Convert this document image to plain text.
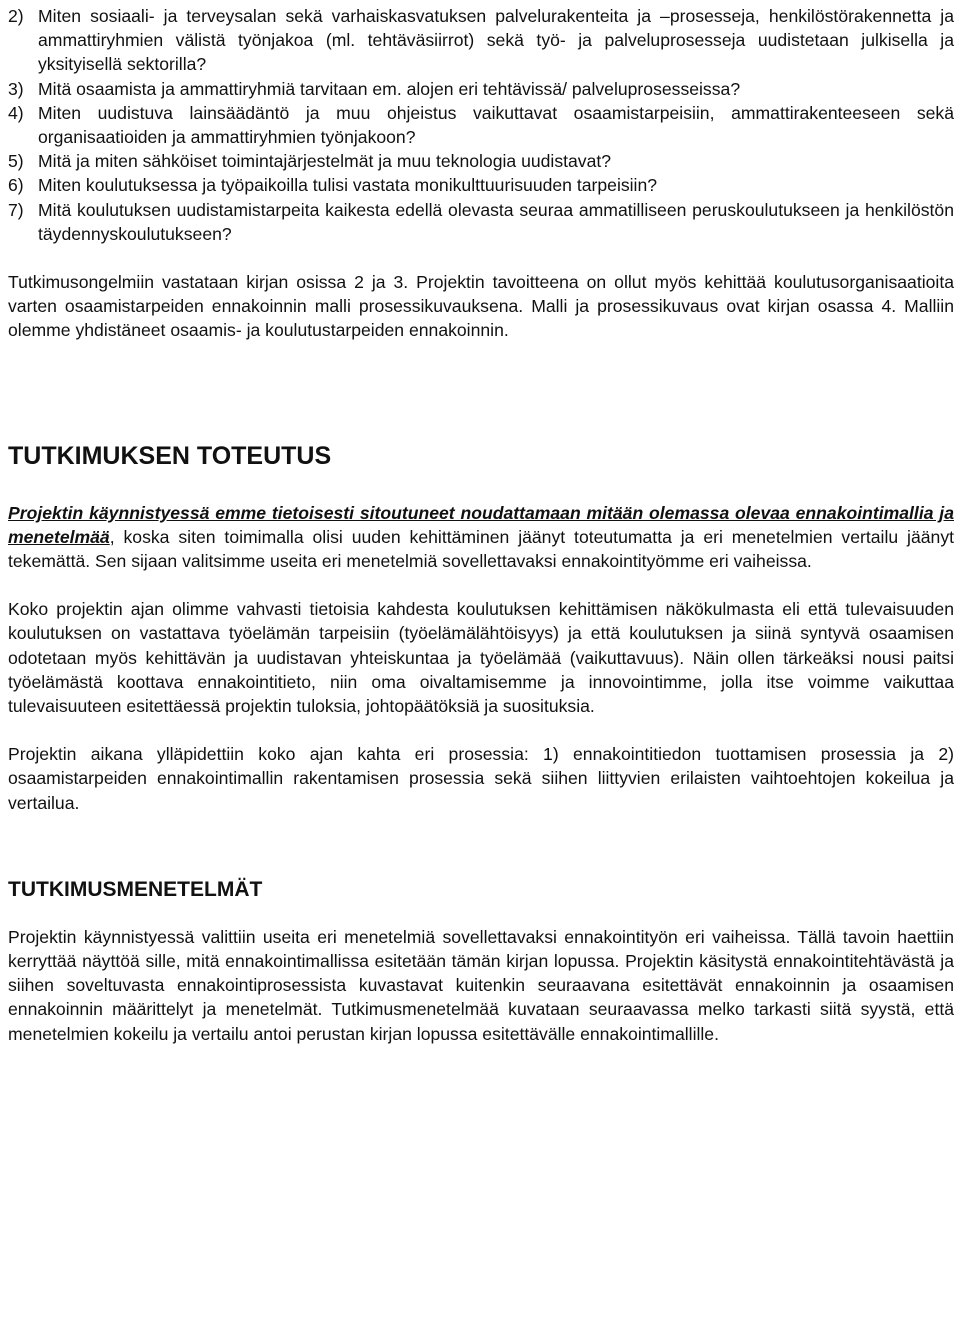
2) Miten sosiaali- ja terveysalan sekä varhaiskasvatuksen palvelurakenteita ja –prosesseja, henkilöstörakennetta ja ammattiryhmien välistä työnjakoa (ml. tehtäväsiirrot) sekä työ- ja palveluprosesseja uudistetaan julkisella ja yksityisellä sektorilla?
3) Mitä osaamista ja ammattiryhmiä tarvitaan em. alojen eri tehtävissä/ palveluprosesseissa?
4) Miten uudistuva lainsäädäntö ja muu ohjeistus vaikuttavat osaamistarpeisiin, ammattirakenteeseen sekä organisaatioiden ja ammattiryhmien työnjakoon?
5) Mitä ja miten sähköiset toimintajärjestelmät ja muu teknologia uudistavat?
6) Miten koulutuksessa ja työpaikoilla tulisi vastata monikulttuurisuuden tarpeisiin?
7) Mitä koulutuksen uudistamistarpeita kaikesta edellä olevasta seuraa ammatilliseen peruskoulutukseen ja henkilöstön täydennyskoulutukseen?

Tutkimusongelmiin vastataan kirjan osissa 2 ja 3. Projektin tavoitteena on ollut myös kehittää koulutusorganisaatioita varten osaamistarpeiden ennakoinnin malli prosessikuvauksena. Malli ja prosessikuvaus ovat kirjan osassa 4. Malliin olemme yhdistäneet osaamis- ja koulutustarpeiden ennakoinnin.

TUTKIMUKSEN TOTEUTUS

Projektin käynnistyessä emme tietoisesti sitoutuneet noudattamaan mitään olemassa olevaa ennakointimallia ja menetelmää, koska siten toimimalla olisi uuden kehittäminen jäänyt toteutumatta ja eri menetelmien vertailu jäänyt tekemättä. Sen sijaan valitsimme useita eri menetelmiä sovellettavaksi ennakointityömme eri vaiheissa.

Koko projektin ajan olimme vahvasti tietoisia kahdesta koulutuksen kehittämisen näkökulmasta eli että tulevaisuuden koulutuksen on vastattava työelämän tarpeisiin (työelämälähtöisyys) ja että koulutuksen ja siinä syntyvä osaamisen odotetaan myös kehittävän ja uudistavan yhteiskuntaa ja työelämää (vaikuttavuus). Näin ollen tärkeäksi nousi paitsi työelämästä koottava ennakointitieto, niin oma oivaltamisemme ja innovointimme, jolla itse voimme vaikuttaa tulevaisuuteen esitettäessä projektin tuloksia, johtopäätöksiä ja suosituksia.

Projektin aikana ylläpidettiin koko ajan kahta eri prosessia: 1) ennakointitiedon tuottamisen prosessia ja 2) osaamistarpeiden ennakointimallin rakentamisen prosessia sekä siihen liittyvien erilaisten vaihtoehtojen kokeilua ja vertailua.

TUTKIMUSMENETELMÄT

Projektin käynnistyessä valittiin useita eri menetelmiä sovellettavaksi ennakointityön eri vaiheissa. Tällä tavoin haettiin kerryttää näyttöä sille, mitä ennakointimallissa esitetään tämän kirjan lopussa. Projektin käsitystä ennakointitehtävästä ja siihen soveltuvasta ennakointiprosessista kuvastavat kuitenkin seuraavana esitettävät ennakoinnin ja osaamisen ennakoinnin määrittelyt ja menetelmät. Tutkimusmenetelmää kuvataan seuraavassa melko tarkasti siitä syystä, että menetelmien kokeilu ja vertailu antoi perustan kirjan lopussa esitettävälle ennakointimallille.
